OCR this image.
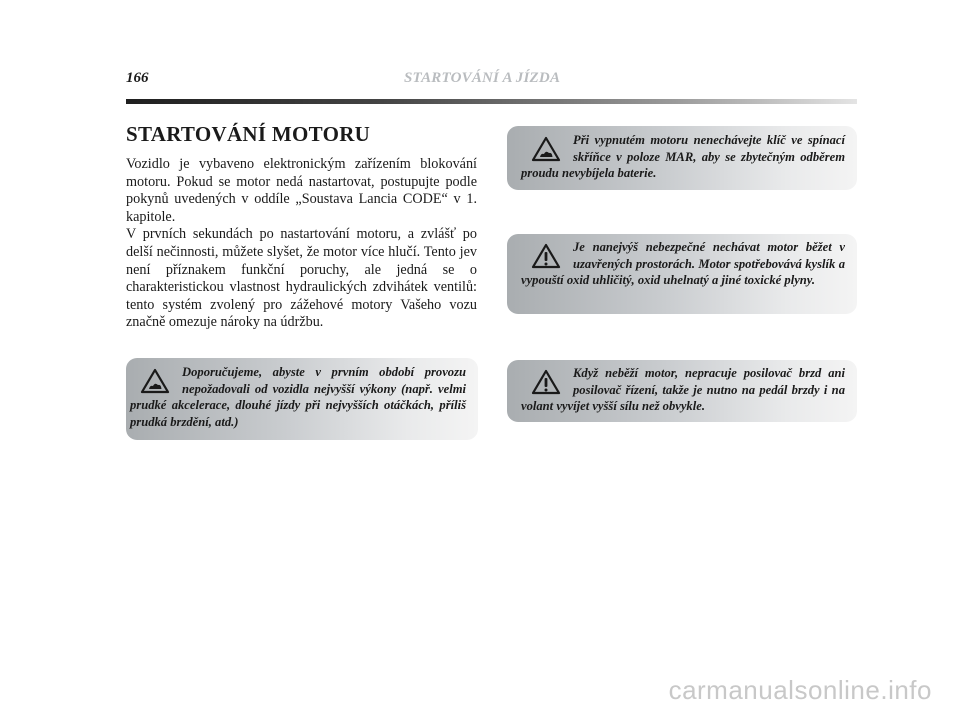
166	STARTOVÁNÍ A JÍZDA
STARTOVÁNÍ MOTORU

Vozidlo je vybaveno elektronickým zařízením blokování motoru. Pokud se motor nedá nastartovat, postupujte podle pokynů uvedených v oddíle „Soustava Lancia CODE“ v 1. kapitole.

V prvních sekundách po nastartování motoru, a zvlášť po delší nečinnosti, můžete slyšet, že motor více hlučí. Tento jev není příznakem funkční poruchy, ale jedná se o charakteristickou vlastnost hydraulických zdvihátek ventilů: tento systém zvolený pro zážehové motory Vašeho vozu značně omezuje nároky na údržbu.

Doporučujeme, abyste v prvním období provozu nepožadovali od vozidla nejvyšší výkony (např. velmi prudké akcelerace, dlouhé jízdy při nejvyšších otáčkách, příliš prudká brzdění, atd.)
Při vypnutém motoru nenechávejte klíč ve spínací skříňce v poloze MAR, aby se zbytečným odběrem proudu nevybíjela baterie.
Je nanejvýš nebezpečné nechávat motor běžet v uzavřených prostorách. Motor spotřebovává kyslík a vypouští oxid uhličitý, oxid uhelnatý a jiné toxické plyny.
Když neběží motor, nepracuje posilovač brzd ani posilovač řízení, takže je nutno na pedál brzdy i na volant vyvíjet vyšší sílu než obvykle.
carmanualsonline.info
